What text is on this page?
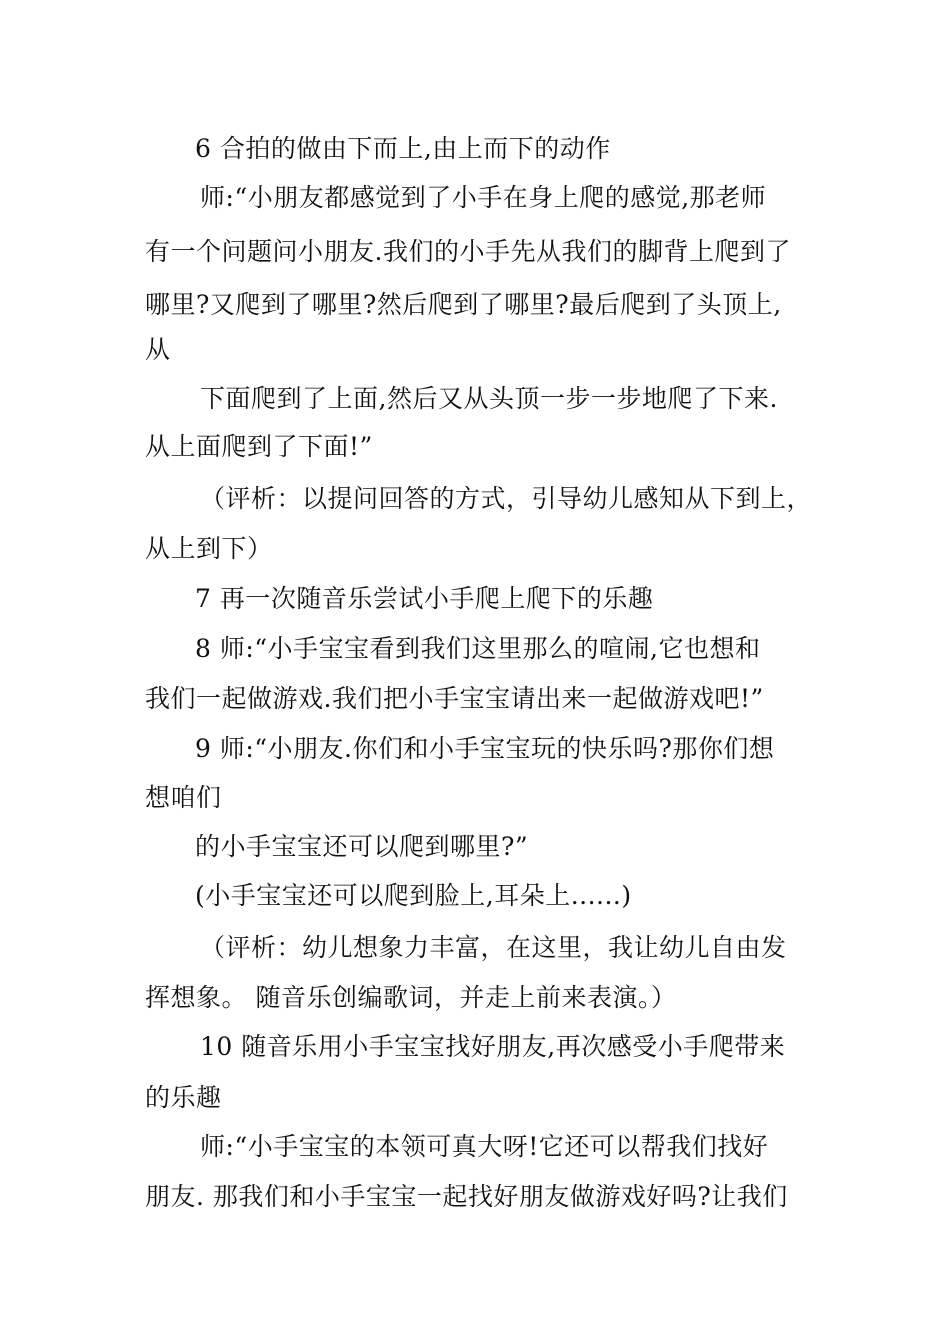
6 合拍的做由下而上,由上而下的动作
师:“小朋友都感觉到了小手在身上爬的感觉,那老师
有一个问题问小朋友.我们的小手先从我们的脚背上爬到了
哪里?又爬到了哪里?然后爬到了哪里?最后爬到了头顶上,
从
下面爬到了上面,然后又从头顶一步一步地爬了下来.
从上面爬到了下面!”
（评析：以提问回答的方式，引导幼儿感知从下到上，
从上到下）
7 再一次随音乐尝试小手爬上爬下的乐趣
8 师:“小手宝宝看到我们这里那么的喧闹,它也想和
我们一起做游戏.我们把小手宝宝请出来一起做游戏吧!”
9 师:“小朋友.你们和小手宝宝玩的快乐吗?那你们想
想咱们
的小手宝宝还可以爬到哪里?”
(小手宝宝还可以爬到脸上,耳朵上......)
（评析：幼儿想象力丰富，在这里，我让幼儿自由发
挥想象。 随音乐创编歌词，并走上前来表演。）
10 随音乐用小手宝宝找好朋友,再次感受小手爬带来
的乐趣
师:“小手宝宝的本领可真大呀!它还可以帮我们找好
朋友. 那我们和小手宝宝一起找好朋友做游戏好吗?让我们
